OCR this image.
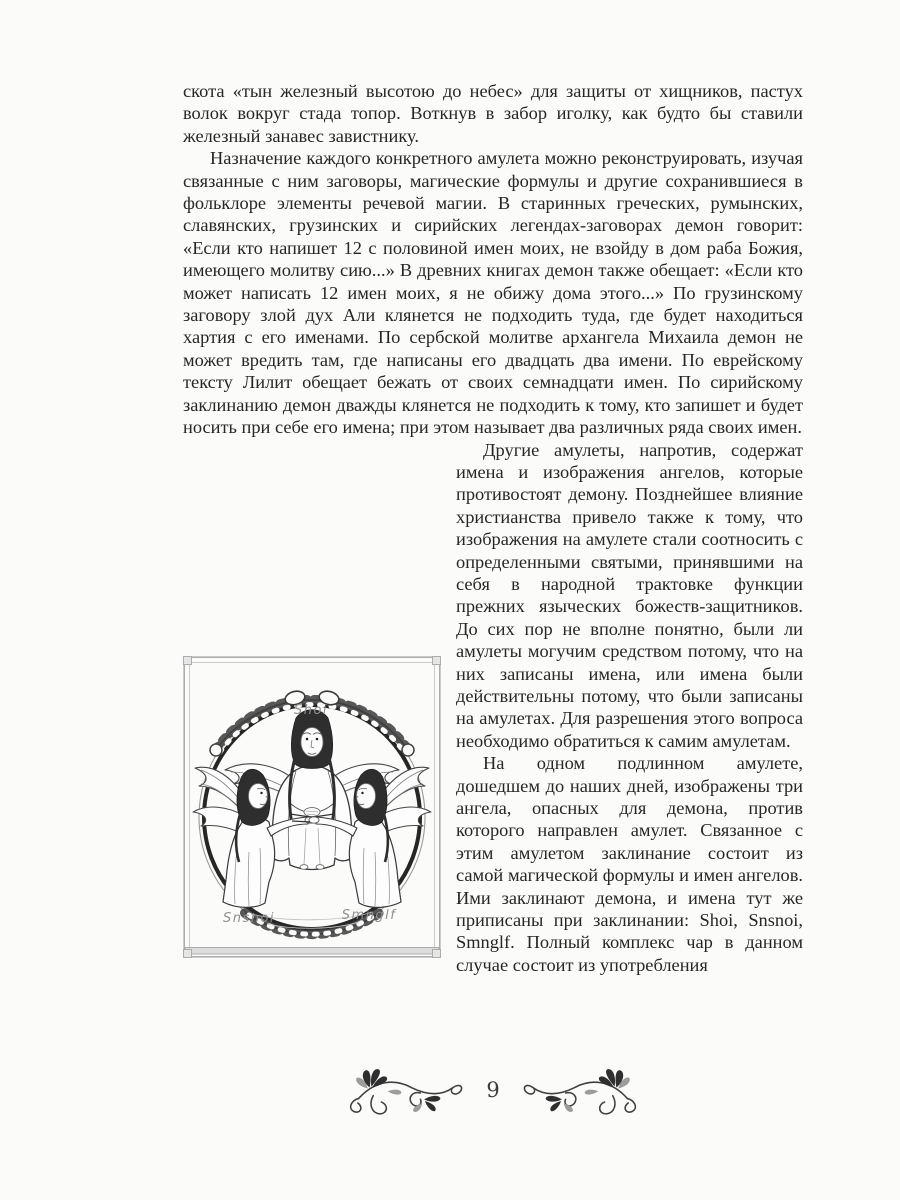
скота «тын железный высотою до небес» для защиты от хищников, пастух волок вокруг стада топор. Воткнув в забор иголку, как будто бы ставили железный занавес завистнику.

Назначение каждого конкретного амулета можно реконструировать, изучая связанные с ним заговоры, магические формулы и другие сохранившиеся в фольклоре элементы речевой магии. В старинных греческих, румынских, славянских, грузинских и сирийских легендах-заговорах демон говорит: «Если кто напишет 12 с половиной имен моих, не взойду в дом раба Божия, имеющего молитву сию...» В древних книгах демон также обещает: «Если кто может написать 12 имен моих, я не обижу дома этого...» По грузинскому заговору злой дух Али клянется не подходить туда, где будет находиться хартия с его именами. По сербской молитве архангела Михаила демон не может вредить там, где написаны его двадцать два имени. По еврейскому тексту Лилит обещает бежать от своих семнадцати имен. По сирийскому заклинанию демон дважды клянется не подходить к тому, кто запишет и будет носить при себе его имена; при этом называет два различных ряда своих имен.

Shoi
Snsnoi	Smnglf

Другие амулеты, напротив, содержат имена и изображения ангелов, которые противостоят демону. Позднейшее влияние христианства привело также к тому, что изображения на амулете стали соотносить с определенными святыми, принявшими на себя в народной трактовке функции прежних языческих божеств-защитников. До сих пор не вполне понятно, были ли амулеты могучим средством потому, что на них записаны имена, или имена были действительны потому, что были записаны на амулетах. Для разрешения этого вопроса необходимо обратиться к самим амулетам.

На одном подлинном амулете, дошедшем до наших дней, изображены три ангела, опасных для демона, против которого направлен амулет. Связанное с этим амулетом заклинание состоит из самой магической формулы и имен ангелов. Ими заклинают демона, и имена тут же приписаны при заклинании: Shoi, Snsnoi, Smnglf. Полный комплекс чар в данном случае состоит из употребления

9
